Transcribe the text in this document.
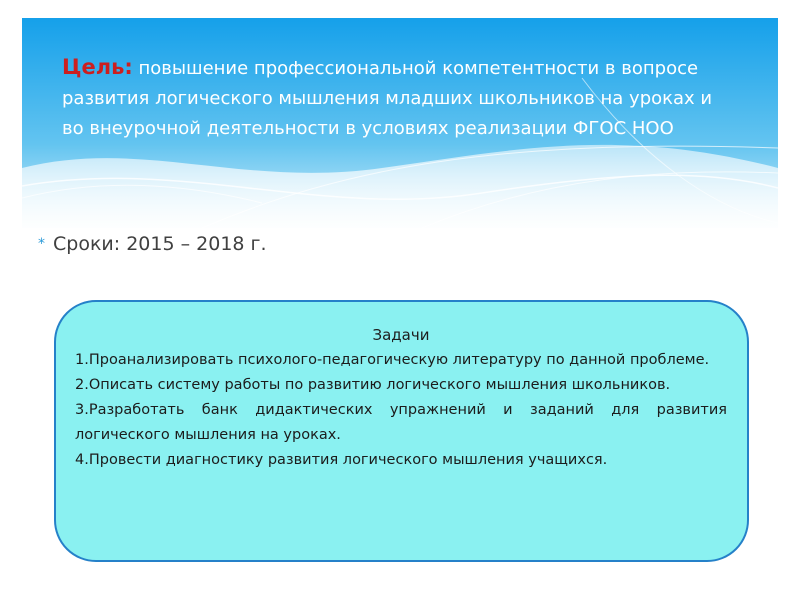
Цель: повышение профессиональной компетентности в вопросе
развития логического мышления младших школьников на уроках и
во внеурочной деятельности в условиях реализации ФГОС НОО
* Сроки: 2015 – 2018 г.
Задачи
1.Проанализировать психолого-педагогическую литературу по данной проблеме.
2.Описать систему работы по развитию логического мышления школьников.
3.Разработать банк дидактических упражнений и заданий для развития логического мышления на уроках.
4.Провести диагностику развития логического мышления учащихся.
